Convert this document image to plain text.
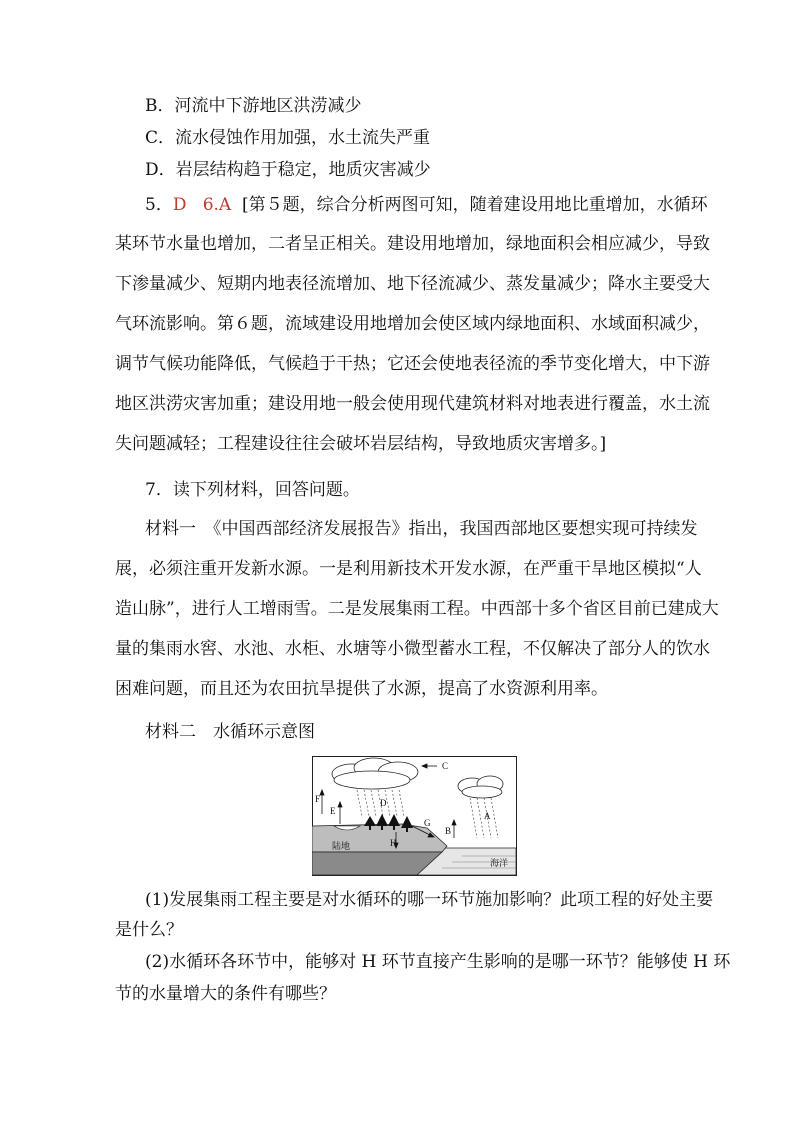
B．河流中下游地区洪涝减少
C．流水侵蚀作用加强，水土流失严重
D．岩层结构趋于稳定，地质灾害减少
5．D 6.A [第５题，综合分析两图可知，随着建设用地比重增加，水循环
某环节水量也增加，二者呈正相关。建设用地增加，绿地面积会相应减少，导致
下渗量减少、短期内地表径流增加、地下径流减少、蒸发量减少；降水主要受大
气环流影响。第６题，流域建设用地增加会使区域内绿地面积、水域面积减少，
调节气候功能降低，气候趋于干热；它还会使地表径流的季节变化增大，中下游
地区洪涝灾害加重；建设用地一般会使用现代建筑材料对地表进行覆盖，水土流
失问题减轻；工程建设往往会破坏岩层结构，导致地质灾害增多。]
7．读下列材料，回答问题。
材料一　《中国西部经济发展报告》指出，我国西部地区要想实现可持续发
展，必须注重开发新水源。一是利用新技术开发水源，在严重干旱地区模拟“人
造山脉”，进行人工增雨雪。二是发展集雨工程。中西部十多个省区目前已建成大
量的集雨水窖、水池、水柜、水塘等小微型蓄水工程，不仅解决了部分人的饮水
困难问题，而且还为农田抗旱提供了水源，提高了水资源利用率。
材料二　水循环示意图
C
F
E
D
G
B
A
H
陆地
海洋
(1)发展集雨工程主要是对水循环的哪一环节施加影响？此项工程的好处主要
是什么？
(2)水循环各环节中，能够对 H 环节直接产生影响的是哪一环节？能够使 H 环
节的水量增大的条件有哪些？
